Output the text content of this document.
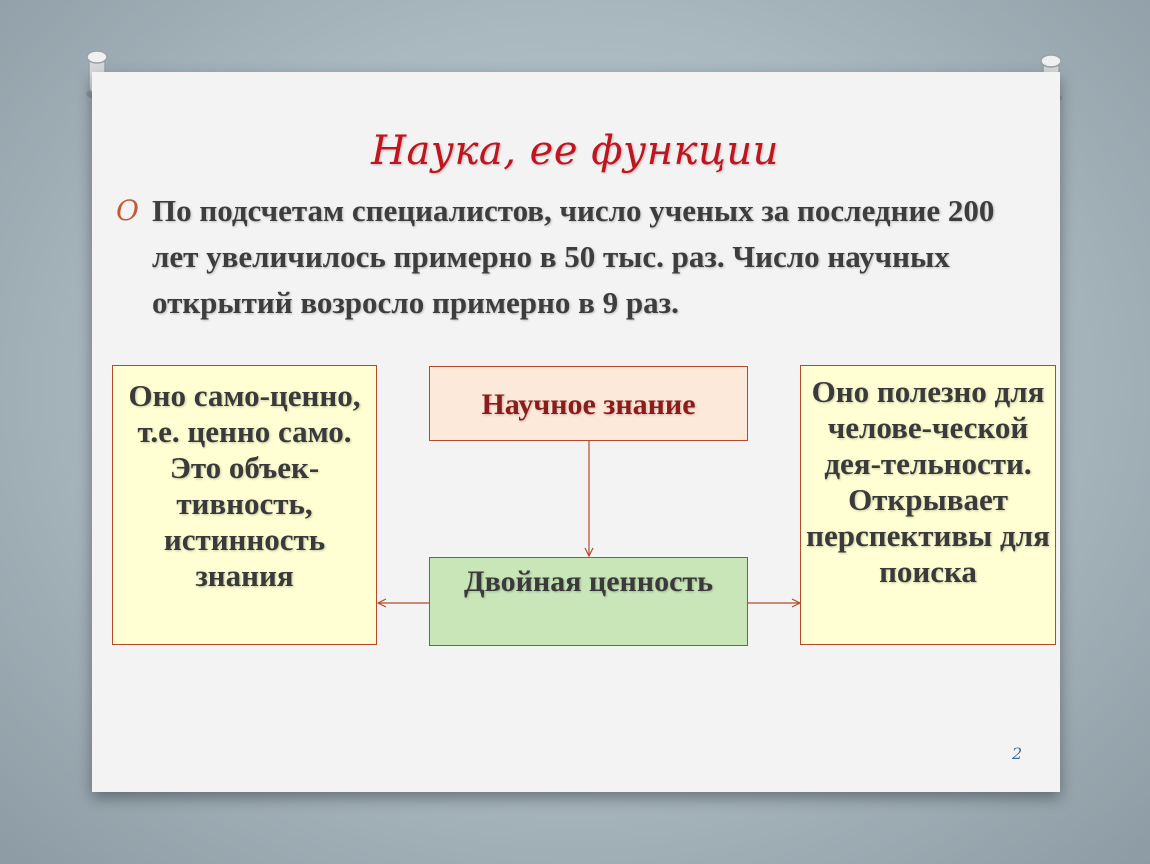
Наука, ее функции
O По подсчетам специалистов, число ученых за последние 200 лет увеличилось примерно в 50 тыс. раз. Число научных открытий возросло примерно в 9 раз.

Оно само-ценно, т.е. ценно само. Это объек-тивность, истинность знания
Научное знание
Двойная ценность
Оно полезно для челове-ческой дея-тельности. Открывает перспективы для поиска
2
